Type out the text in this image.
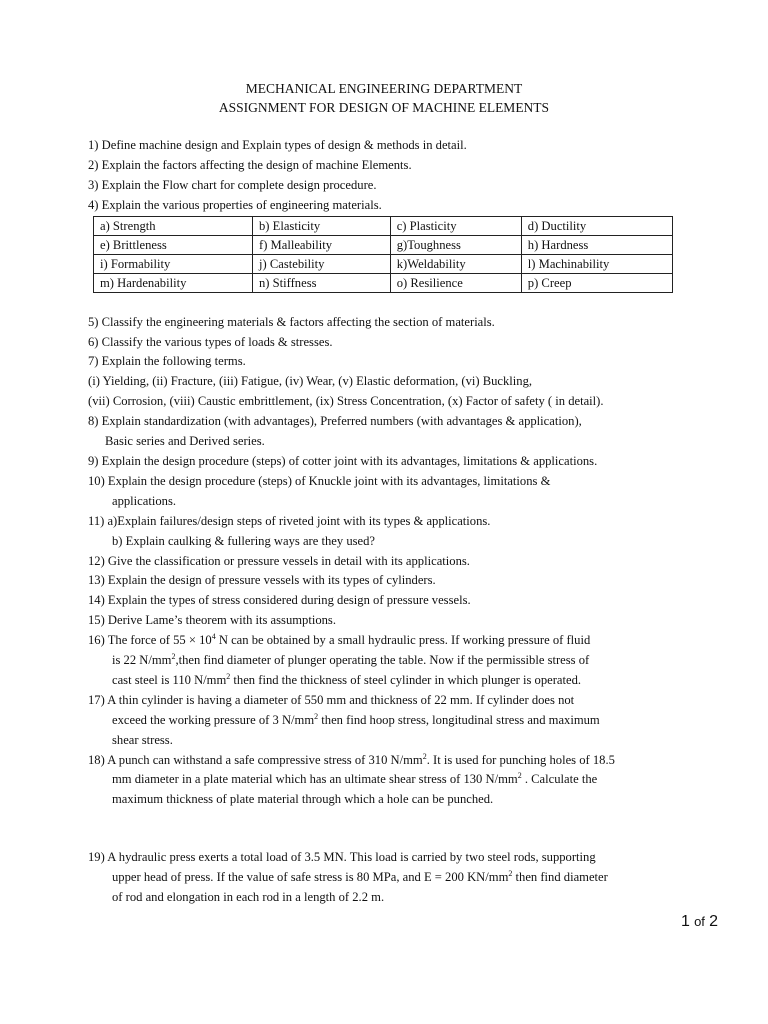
MECHANICAL ENGINEERING DEPARTMENT
ASSIGNMENT FOR DESIGN OF MACHINE ELEMENTS
1) Define machine design and Explain types of design & methods in detail.
2) Explain the factors affecting the design of machine Elements.
3) Explain the Flow chart for complete design procedure.
4) Explain the various properties of engineering materials.
a) Strength	b) Elasticity	c) Plasticity	d) Ductility
e) Brittleness	f) Malleability	g)Toughness	h) Hardness
i) Formability	j) Castebility	k)Weldability	l) Machinability
m) Hardenability	n) Stiffness	o) Resilience	p) Creep
5) Classify the engineering materials & factors affecting the section of materials.
6) Classify the various types of loads & stresses.
7) Explain the following terms.
(i) Yielding, (ii) Fracture, (iii) Fatigue, (iv) Wear, (v) Elastic deformation, (vi) Buckling,
(vii) Corrosion, (viii) Caustic embrittlement, (ix) Stress Concentration, (x) Factor of safety ( in detail).
8) Explain standardization (with advantages), Preferred numbers (with advantages & application),
Basic series and Derived series.
9) Explain the design procedure (steps) of cotter joint with its advantages, limitations & applications.
10) Explain the design procedure (steps) of Knuckle joint with its advantages, limitations &
applications.
11) a)Explain failures/design steps of riveted joint with its types & applications.
b) Explain caulking & fullering ways are they used?
12) Give the classification or pressure vessels in detail with its applications.
13) Explain the design of pressure vessels with its types of cylinders.
14) Explain the types of stress considered during design of pressure vessels.
15) Derive Lame’s theorem with its assumptions.
16) The force of $55 \times 10^4$ N can be obtained by a small hydraulic press. If working pressure of fluid
is 22 $N/mm^2,then$ find diameter of plunger operating the table. Now if the permissible stress of
cast steel is 110 $N/mm^2$ then find the thickness of steel cylinder in which plunger is operated.
17) A thin cylinder is having a diameter of 550 mm and thickness of 22 mm. If cylinder does not
exceed the working pressure of 3 $N/mm^2$ then find hoop stress, longitudinal stress and maximum
shear stress.
18) A punch can withstand a safe compressive stress of 310 $N/mm^2$. It is used for punching holes of 18.5
mm diameter in a plate material which has an ultimate shear stress of 130 $N/mm^2$ . Calculate the
maximum thickness of plate material through which a hole can be punched.
19) A hydraulic press exerts a total load of 3.5 MN. This load is carried by two steel rods, supporting
upper head of press. If the value of safe stress is 80 MPa, and E = 200 $KN/mm^2$ then find diameter
of rod and elongation in each rod in a length of 2.2 m.
1 of 2
